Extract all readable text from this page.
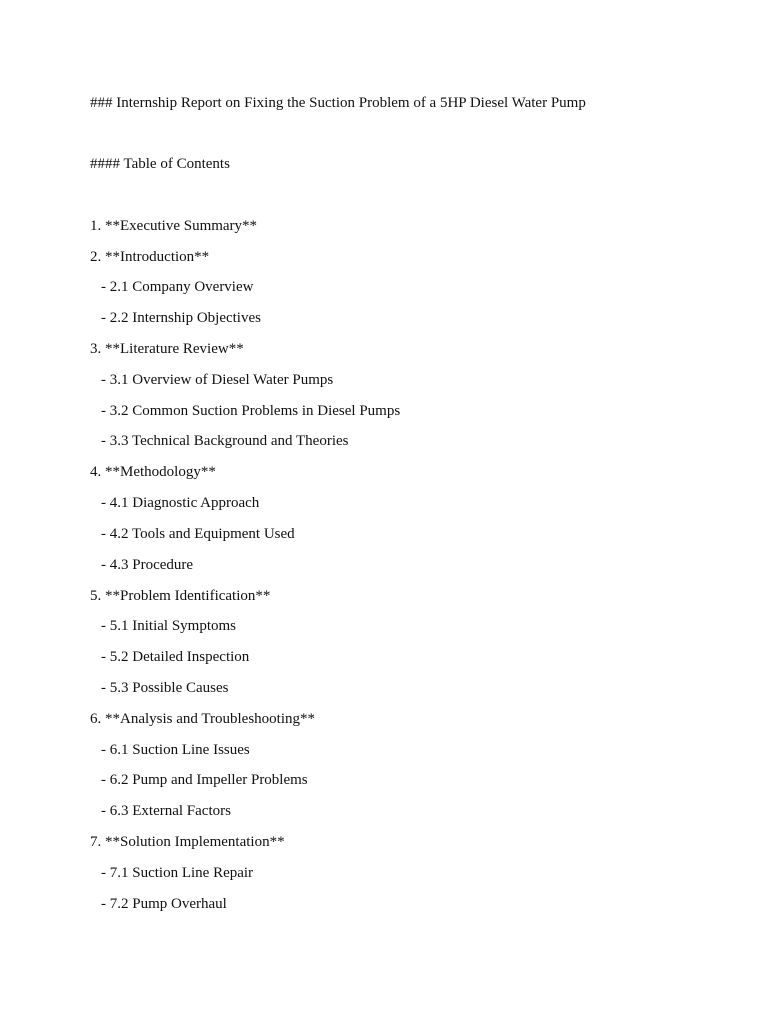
### Internship Report on Fixing the Suction Problem of a 5HP Diesel Water Pump
#### Table of Contents
1. **Executive Summary**
2. **Introduction**
- 2.1 Company Overview
- 2.2 Internship Objectives
3. **Literature Review**
- 3.1 Overview of Diesel Water Pumps
- 3.2 Common Suction Problems in Diesel Pumps
- 3.3 Technical Background and Theories
4. **Methodology**
- 4.1 Diagnostic Approach
- 4.2 Tools and Equipment Used
- 4.3 Procedure
5. **Problem Identification**
- 5.1 Initial Symptoms
- 5.2 Detailed Inspection
- 5.3 Possible Causes
6. **Analysis and Troubleshooting**
- 6.1 Suction Line Issues
- 6.2 Pump and Impeller Problems
- 6.3 External Factors
7. **Solution Implementation**
- 7.1 Suction Line Repair
- 7.2 Pump Overhaul
